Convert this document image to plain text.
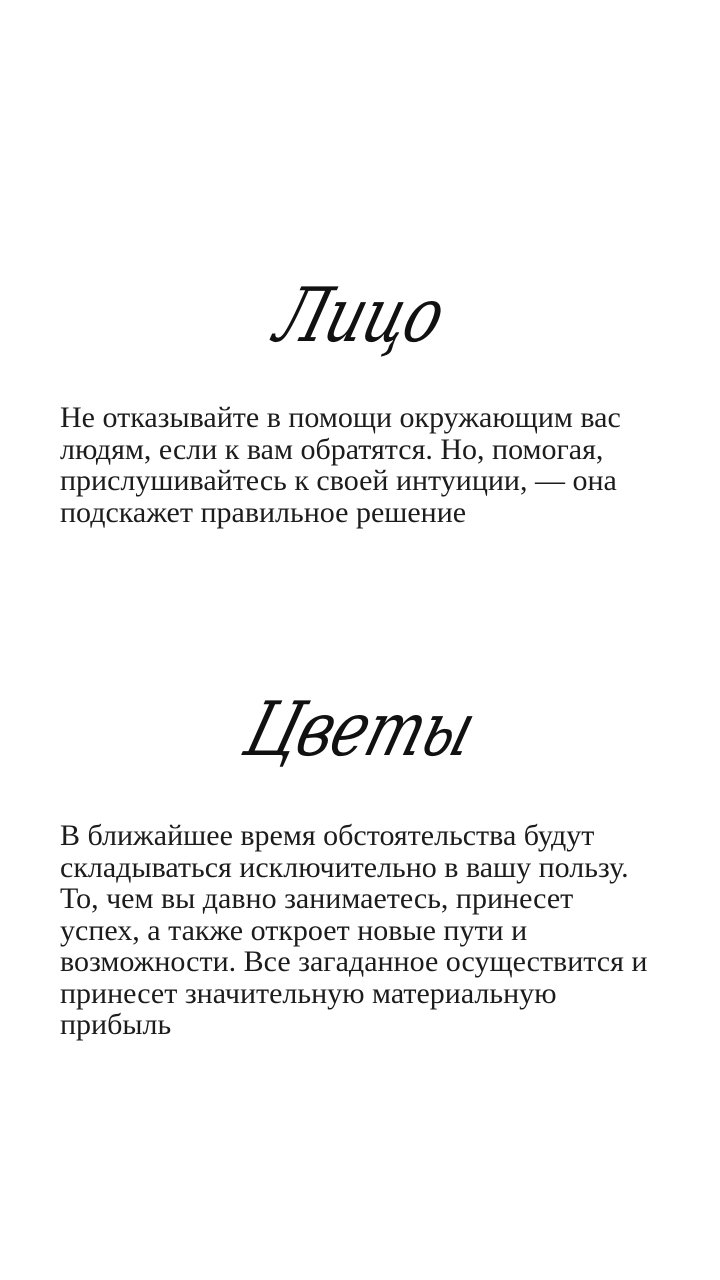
Лицо

Не отказывайте в помощи окружающим вас людям, если к вам обратятся. Но, помогая, прислушивайтесь к своей интуиции, — она подскажет правильное решение

Цветы

В ближайшее время обстоятельства будут складываться исключительно в вашу пользу. То, чем вы давно занимаетесь, принесет успех, а также откроет новые пути и возможности. Все загаданное осуществится и принесет значительную материальную прибыль
